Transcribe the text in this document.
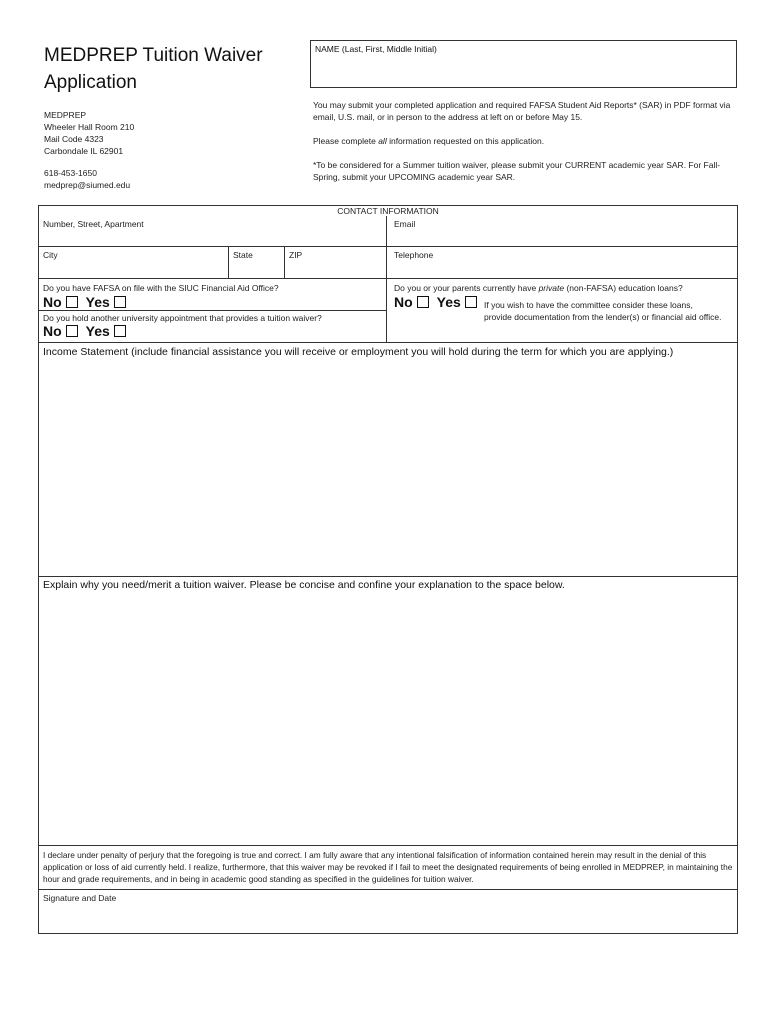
MEDPREP Tuition Waiver
Application
MEDPREP
Wheeler Hall Room 210
Mail Code 4323
Carbondale IL 62901
618-453-1650
medprep@siumed.edu
NAME (Last, First, Middle Initial)
You may submit your completed application and required FAFSA Student Aid Reports* (SAR) in PDF format via email, U.S. mail, or in person to the address at left on or before May 15.
Please complete all information requested on this application.
*To be considered for a Summer tuition waiver, please submit your CURRENT academic year SAR. For Fall-Spring, submit your UPCOMING academic year SAR.
CONTACT INFORMATION
Number, Street, Apartment	Email
City	State	ZIP	Telephone
Do you have FAFSA on file with the SIUC Financial Aid Office?
No Yes
Do you hold another university appointment that provides a tuition waiver?
No Yes
Do you or your parents currently have private (non-FAFSA) education loans?
No Yes	If you wish to have the committee consider these loans,
provide documentation from the lender(s) or financial aid office.
Income Statement (include financial assistance you will receive or employment you will hold during the term for which you are applying.)
Explain why you need/merit a tuition waiver. Please be concise and confine your explanation to the space below.
I declare under penalty of perjury that the foregoing is true and correct. I am fully aware that any intentional falsification of information contained herein may result in the denial of this application or loss of aid currently held. I realize, furthermore, that this waiver may be revoked if I fail to meet the designated requirements of being enrolled in MEDPREP, in maintaining the hour and grade requirements, and in being in academic good standing as specified in the guidelines for tuition waiver.
Signature and Date
